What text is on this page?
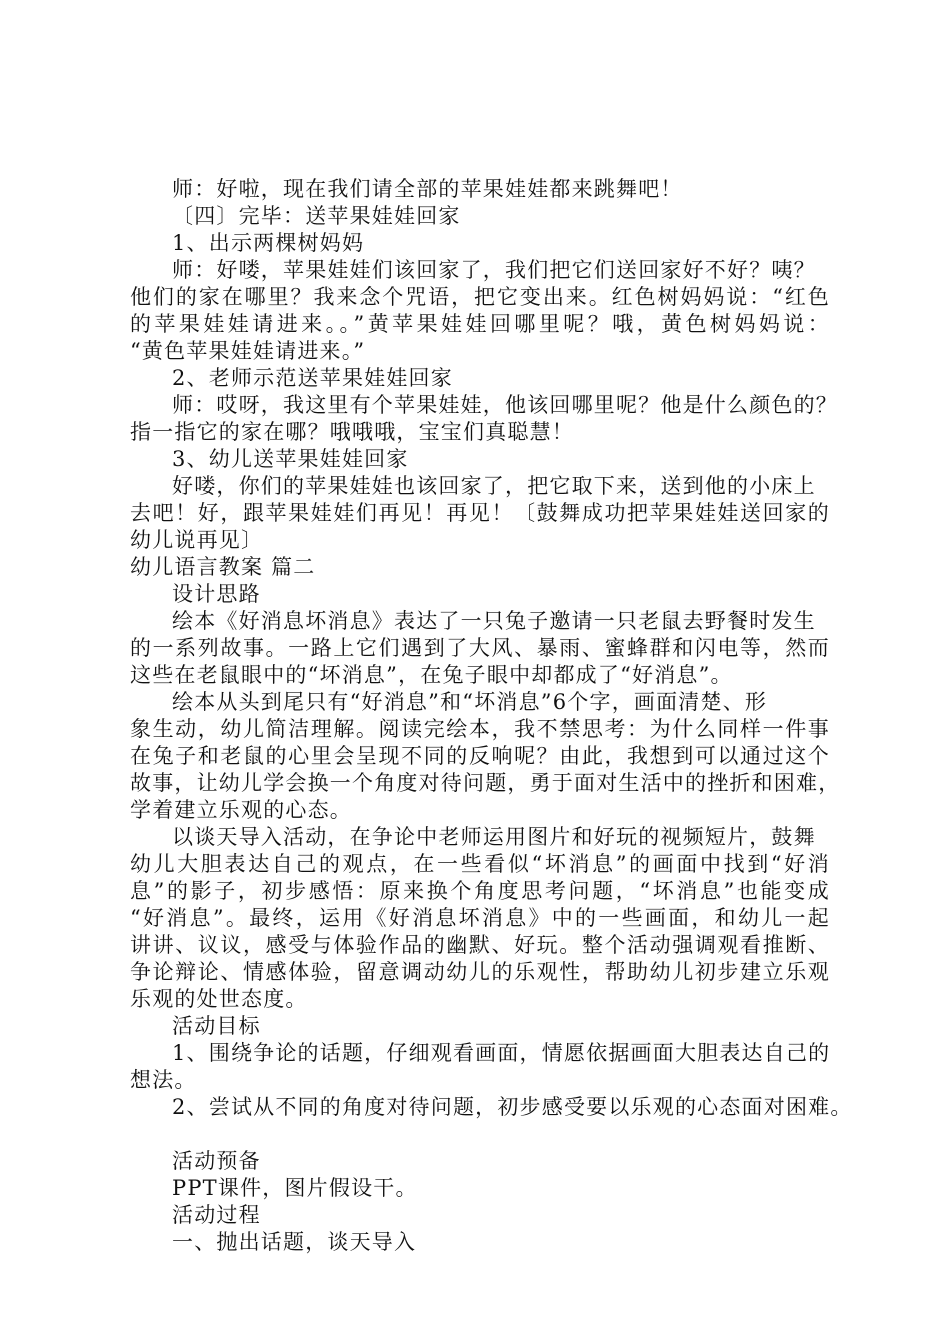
师：好啦，现在我们请全部的苹果娃娃都来跳舞吧！
〔四〕完毕：送苹果娃娃回家
1、出示两棵树妈妈
师：好喽，苹果娃娃们该回家了，我们把它们送回家好不好？咦？
他们的家在哪里？我来念个咒语，把它变出来。红色树妈妈说：“红色
的苹果娃娃请进来。。”黄苹果娃娃回哪里呢？哦，黄色树妈妈说：
“黄色苹果娃娃请进来。”
2、老师示范送苹果娃娃回家
师：哎呀，我这里有个苹果娃娃，他该回哪里呢？他是什么颜色的？
指一指它的家在哪？哦哦哦，宝宝们真聪慧！
3、幼儿送苹果娃娃回家
好喽，你们的苹果娃娃也该回家了，把它取下来，送到他的小床上
去吧！好，跟苹果娃娃们再见！再见！〔鼓舞成功把苹果娃娃送回家的
幼儿说再见〕
幼儿语言教案 篇二
设计思路
绘本《好消息坏消息》表达了一只兔子邀请一只老鼠去野餐时发生
的一系列故事。一路上它们遇到了大风、暴雨、蜜蜂群和闪电等，然而
这些在老鼠眼中的“坏消息”，在兔子眼中却都成了“好消息”。
绘本从头到尾只有“好消息”和“坏消息”6个字，画面清楚、形
象生动，幼儿简洁理解。阅读完绘本，我不禁思考：为什么同样一件事
在兔子和老鼠的心里会呈现不同的反响呢？由此，我想到可以通过这个
故事，让幼儿学会换一个角度对待问题，勇于面对生活中的挫折和困难，
学着建立乐观的心态。
以谈天导入活动，在争论中老师运用图片和好玩的视频短片，鼓舞
幼儿大胆表达自己的观点，在一些看似“坏消息”的画面中找到“好消
息”的影子，初步感悟：原来换个角度思考问题，“坏消息”也能变成
“好消息”。最终，运用《好消息坏消息》中的一些画面，和幼儿一起
讲讲、议议，感受与体验作品的幽默、好玩。整个活动强调观看推断、
争论辩论、情感体验，留意调动幼儿的乐观性，帮助幼儿初步建立乐观
乐观的处世态度。
活动目标
1、围绕争论的话题，仔细观看画面，情愿依据画面大胆表达自己的
想法。
2、尝试从不同的角度对待问题，初步感受要以乐观的心态面对困难。
活动预备
PPT课件，图片假设干。
活动过程
一、抛出话题，谈天导入
